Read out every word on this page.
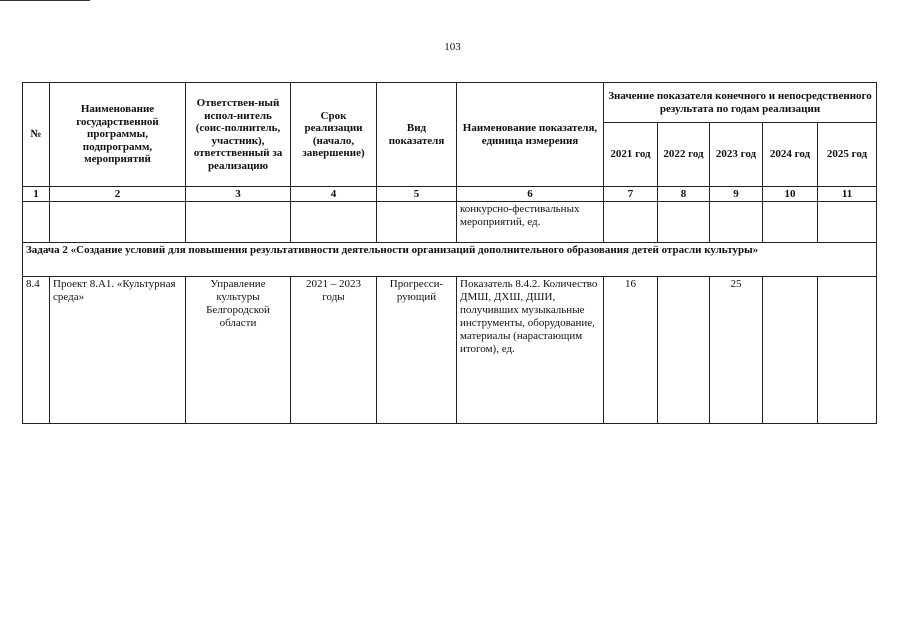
103
№	Наименование государственной программы, подпрограмм, мероприятий	Ответствен-ный испол-нитель (соис-полнитель, участник), ответственный за реализацию	Срок реализации (начало, завершение)	Вид показателя	Наименование показателя, единица измерения	Значение показателя конечного и непосредственного результата по годам реализации				
						2021 год	2022 год	2023 год	2024 год	2025 год
1	2	3	4	5	6	7	8	9	10	11
					конкурсно-фестивальных мероприятий, ед.					
Задача 2 «Создание условий для повышения результативности деятельности организаций дополнительного образования детей отрасли культуры»										
8.4	Проект 8.А1. «Культурная среда»	Управление культуры Белгородской области	2021 – 2023 годы	Прогресси-рующий	Показатель 8.4.2. Количество ДМШ, ДХШ, ДШИ, получивших музыкальные инструменты, оборудование, материалы (нарастающим итогом), ед.	16		25		
